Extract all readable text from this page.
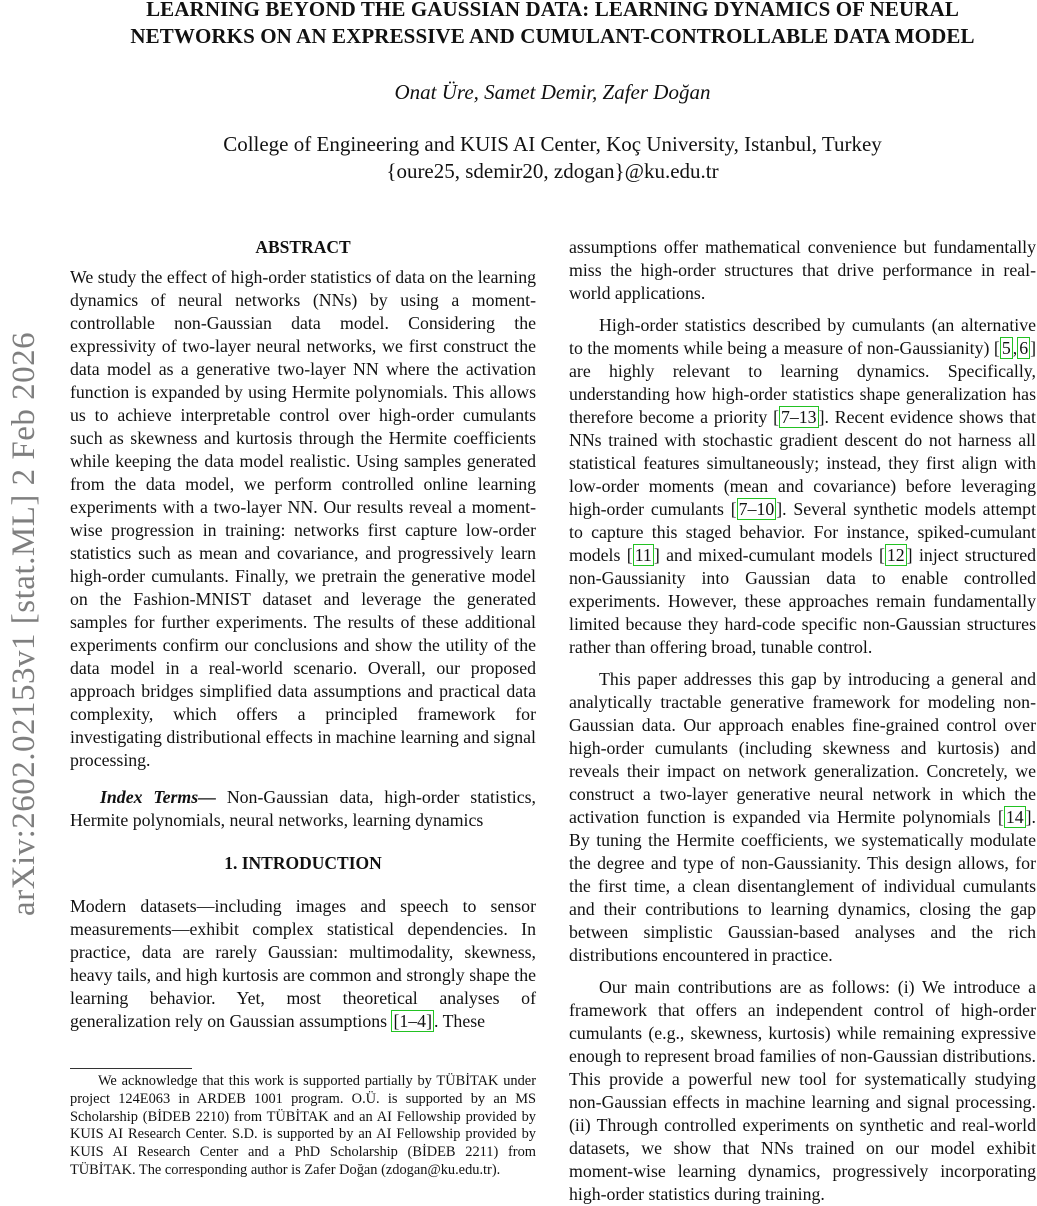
LEARNING BEYOND THE GAUSSIAN DATA: LEARNING DYNAMICS OF NEURAL
NETWORKS ON AN EXPRESSIVE AND CUMULANT-CONTROLLABLE DATA MODEL
Onat Üre, Samet Demir, Zafer Doğan
College of Engineering and KUIS AI Center, Koç University, Istanbul, Turkey
{oure25, sdemir20, zdogan}@ku.edu.tr
arXiv:2602.02153v1 [stat.ML] 2 Feb 2026
ABSTRACT

We study the effect of high-order statistics of data on the learning dynamics of neural networks (NNs) by using a moment-controllable non-Gaussian data model. Considering the expressivity of two-layer neural networks, we first construct the data model as a generative two-layer NN where the activation function is expanded by using Hermite polynomials. This allows us to achieve interpretable control over high-order cumulants such as skewness and kurtosis through the Hermite coefficients while keeping the data model realistic. Using samples generated from the data model, we perform controlled online learning experiments with a two-layer NN. Our results reveal a moment-wise progression in training: networks first capture low-order statistics such as mean and covariance, and progressively learn high-order cumulants. Finally, we pretrain the generative model on the Fashion-MNIST dataset and leverage the generated samples for further experiments. The results of these additional experiments confirm our conclusions and show the utility of the data model in a real-world scenario. Overall, our proposed approach bridges simplified data assumptions and practical data complexity, which offers a principled framework for investigating distributional effects in machine learning and signal processing.

Index Terms— Non-Gaussian data, high-order statistics, Hermite polynomials, neural networks, learning dynamics

1. INTRODUCTION

Modern datasets—including images and speech to sensor measurements—exhibit complex statistical dependencies. In practice, data are rarely Gaussian: multimodality, skewness, heavy tails, and high kurtosis are common and strongly shape the learning behavior. Yet, most theoretical analyses of generalization rely on Gaussian assumptions [1–4] . These

We acknowledge that this work is supported partially by TÜBİTAK under project 124E063 in ARDEB 1001 program. O.Ü. is supported by an MS Scholarship (BİDEB 2210) from TÜBİTAK and an AI Fellowship provided by KUIS AI Research Center. S.D. is supported by an AI Fellowship provided by KUIS AI Research Center and a PhD Scholarship (BİDEB 2211) from TÜBİTAK. The corresponding author is Zafer Doğan (zdogan@ku.edu.tr).

assumptions offer mathematical convenience but fundamentally miss the high-order structures that drive performance in real-world applications.

High-order statistics described by cumulants (an alternative to the moments while being a measure of non-Gaussianity) [ 5 , 6 ] are highly relevant to learning dynamics. Specifically, understanding how high-order statistics shape generalization has therefore become a priority [ 7–13 ]. Recent evidence shows that NNs trained with stochastic gradient descent do not harness all statistical features simultaneously; instead, they first align with low-order moments (mean and covariance) before leveraging high-order cumulants [ 7–10 ]. Several synthetic models attempt to capture this staged behavior. For instance, spiked-cumulant models [ 11 ] and mixed-cumulant models [ 12 ] inject structured non-Gaussianity into Gaussian data to enable controlled experiments. However, these approaches remain fundamentally limited because they hard-code specific non-Gaussian structures rather than offering broad, tunable control.

This paper addresses this gap by introducing a general and analytically tractable generative framework for modeling non-Gaussian data. Our approach enables fine-grained control over high-order cumulants (including skewness and kurtosis) and reveals their impact on network generalization. Concretely, we construct a two-layer generative neural network in which the activation function is expanded via Hermite polynomials [ 14 ]. By tuning the Hermite coefficients, we systematically modulate the degree and type of non-Gaussianity. This design allows, for the first time, a clean disentanglement of individual cumulants and their contributions to learning dynamics, closing the gap between simplistic Gaussian-based analyses and the rich distributions encountered in practice.

Our main contributions are as follows: (i) We introduce a framework that offers an independent control of high-order cumulants (e.g., skewness, kurtosis) while remaining expressive enough to represent broad families of non-Gaussian distributions. This provide a powerful new tool for systematically studying non-Gaussian effects in machine learning and signal processing. (ii) Through controlled experiments on synthetic and real-world datasets, we show that NNs trained on our model exhibit moment-wise learning dynamics, progressively incorporating high-order statistics during training.
